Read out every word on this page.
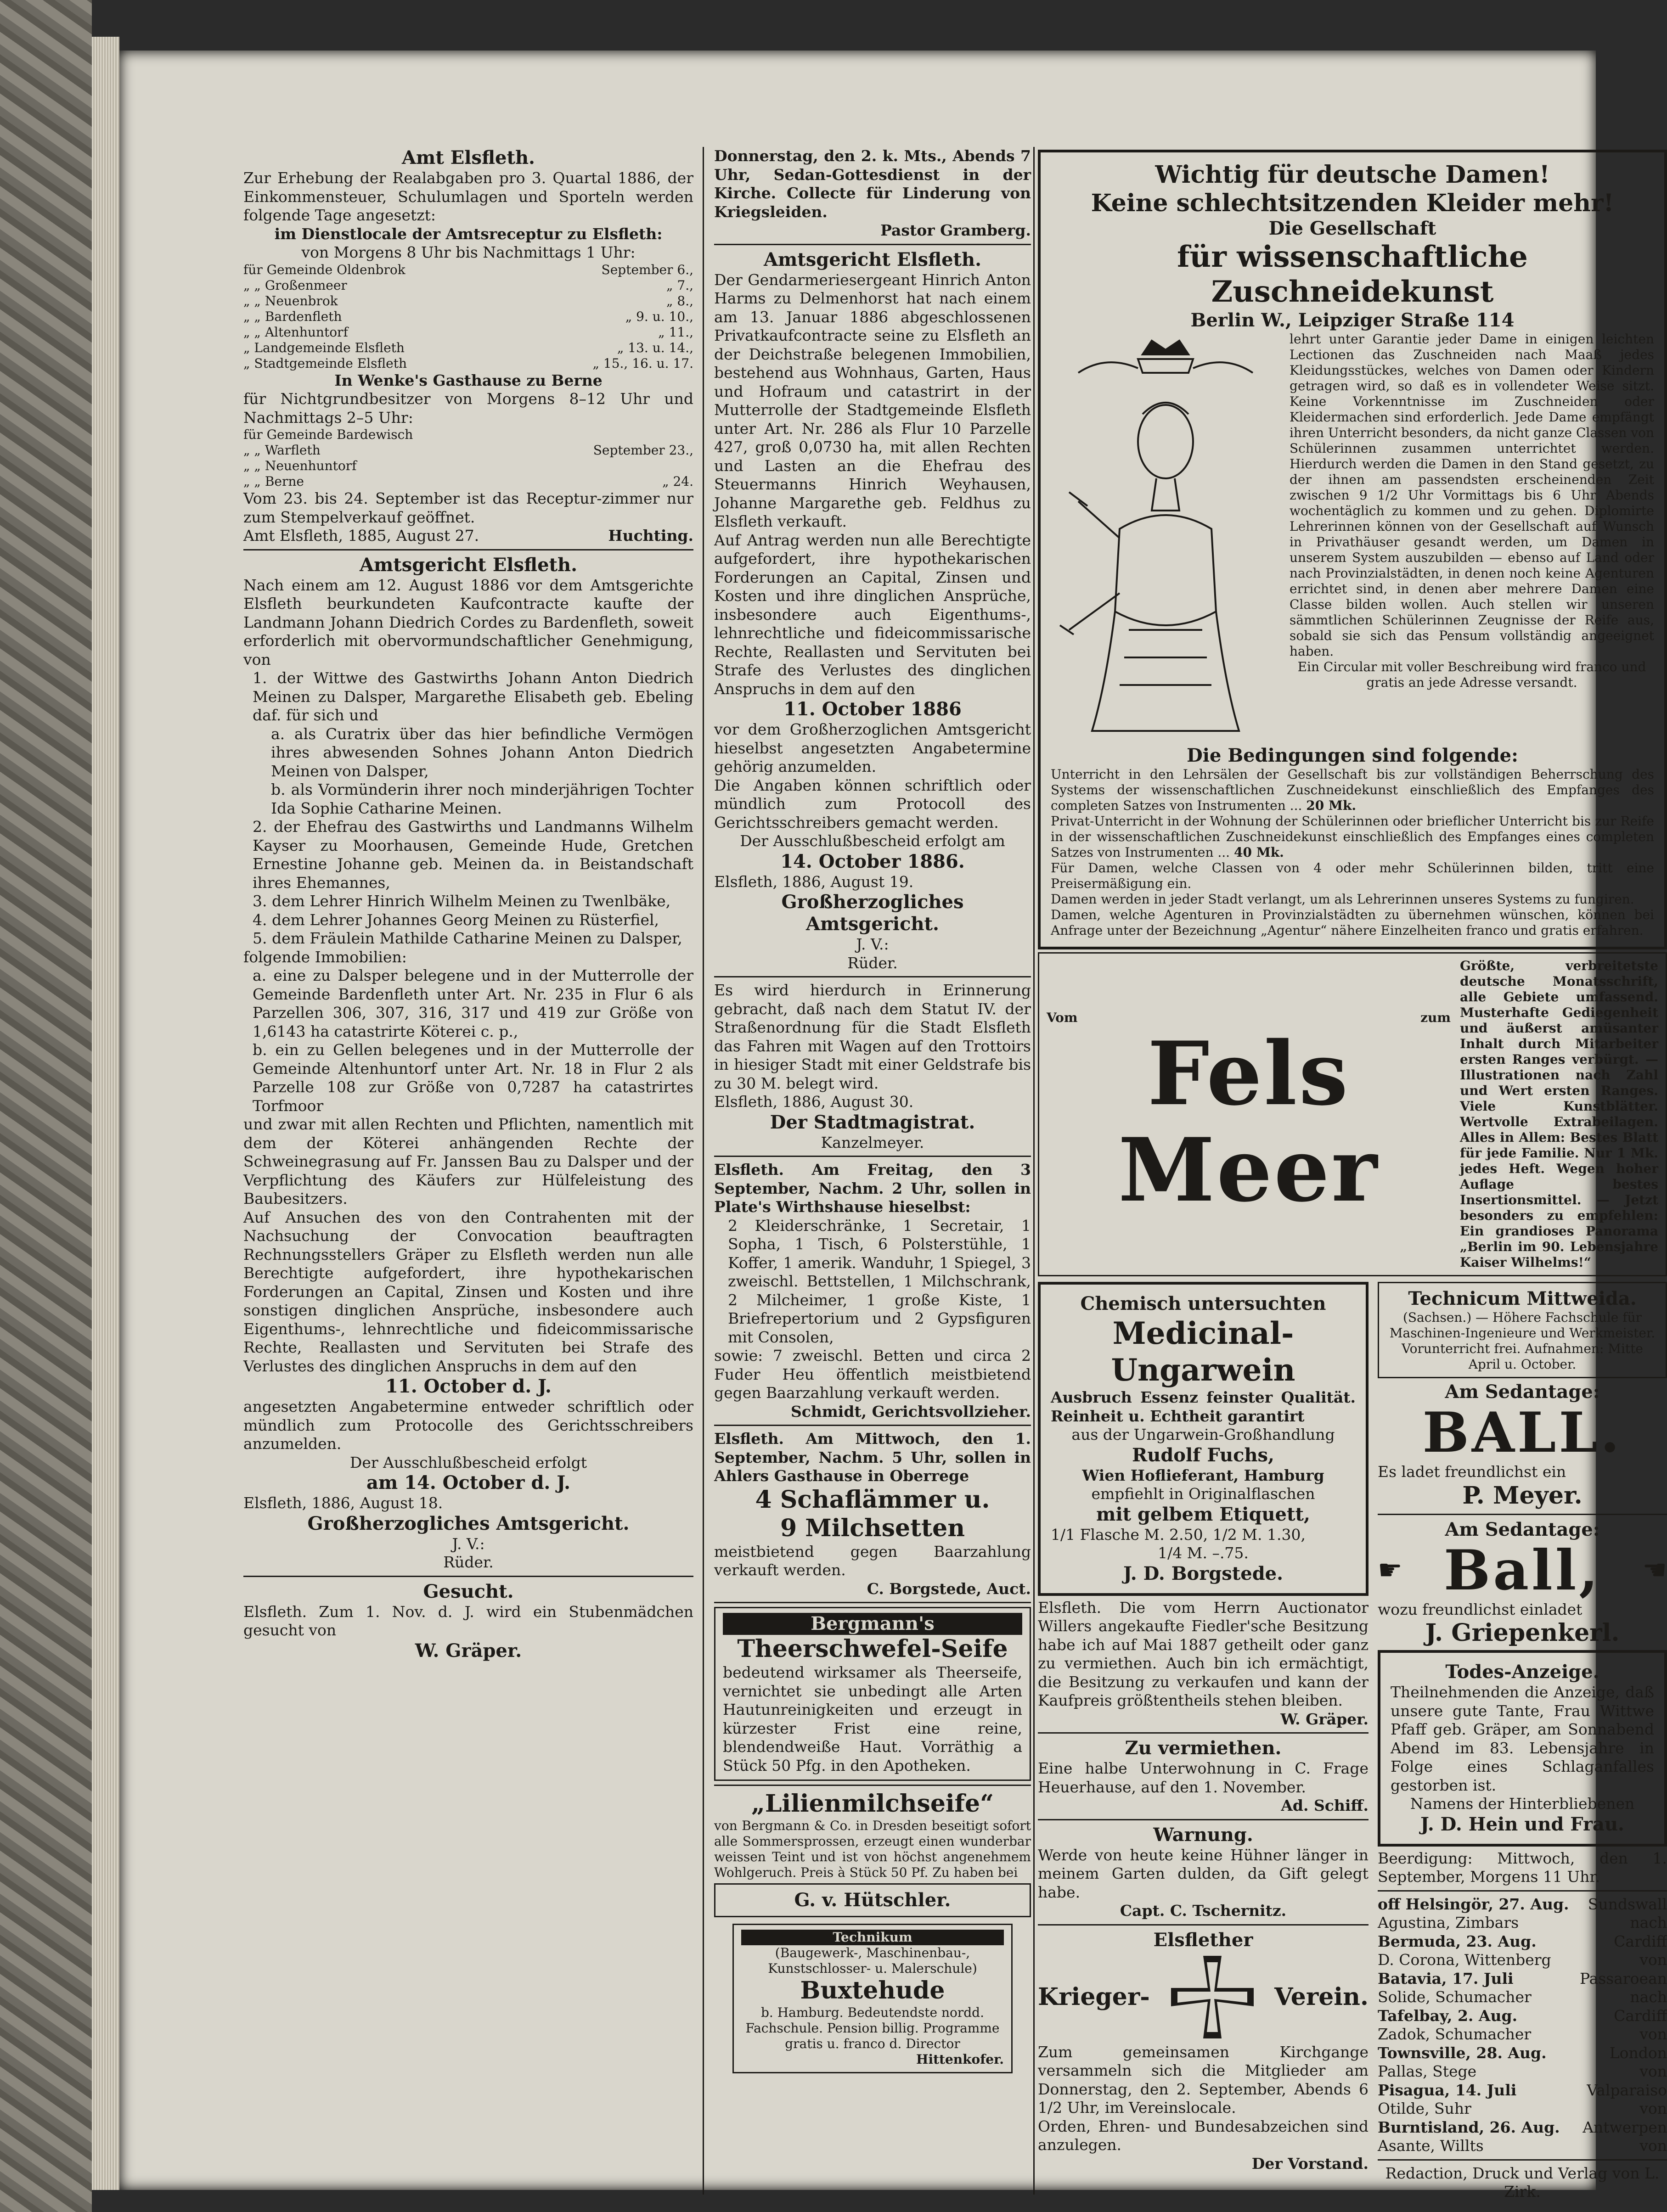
Amt Elsfleth.

Zur Erhebung der Realabgaben pro 3. Quartal 1886, der Einkommensteuer, Schulumlagen und Sporteln werden folgende Tage angesetzt:

im Dienstlocale der Amtsreceptur zu Elsfleth:
von Morgens 8 Uhr bis Nachmittags 1 Uhr:
für Gemeinde Oldenbrok	September 6.,
„ „ Großenmeer	„ 7.,
„ „ Neuenbrok	„ 8.,
„ „ Bardenfleth	„ 9. u. 10.,
„ „ Altenhuntorf	„ 11.,
„ Landgemeinde Elsfleth	„ 13. u. 14.,
„ Stadtgemeinde Elsfleth	„ 15., 16. u. 17.
In Wenke's Gasthause zu Berne

für Nichtgrundbesitzer von Morgens 8–12 Uhr und Nachmittags 2–5 Uhr:

für Gemeinde Bardewisch
„ „ Warfleth	September 23.,
„ „ Neuenhuntorf
„ „ Berne	„ 24.

Vom 23. bis 24. September ist das Receptur-zimmer nur zum Stempelverkauf geöffnet.

Amt Elsfleth, 1885, August 27.	Huchting.
Amtsgericht Elsfleth.

Nach einem am 12. August 1886 vor dem Amtsgerichte Elsfleth beurkundeten Kaufcontracte kaufte der Landmann Johann Diedrich Cordes zu Bardenfleth, soweit erforderlich mit obervormundschaftlicher Genehmigung, von

1. der Wittwe des Gastwirths Johann Anton Diedrich Meinen zu Dalsper, Margarethe Elisabeth geb. Ebeling daf. für sich und

a. als Curatrix über das hier befindliche Vermögen ihres abwesenden Sohnes Johann Anton Diedrich Meinen von Dalsper,

b. als Vormünderin ihrer noch minderjährigen Tochter Ida Sophie Catharine Meinen.

2. der Ehefrau des Gastwirths und Landmanns Wilhelm Kayser zu Moorhausen, Gemeinde Hude, Gretchen Ernestine Johanne geb. Meinen da. in Beistandschaft ihres Ehemannes,

3. dem Lehrer Hinrich Wilhelm Meinen zu Twenlbäke,

4. dem Lehrer Johannes Georg Meinen zu Rüsterfiel,

5. dem Fräulein Mathilde Catharine Meinen zu Dalsper,

folgende Immobilien:

a. eine zu Dalsper belegene und in der Mutterrolle der Gemeinde Bardenfleth unter Art. Nr. 235 in Flur 6 als Parzellen 306, 307, 316, 317 und 419 zur Größe von 1,6143 ha catastrirte Köterei c. p.,

b. ein zu Gellen belegenes und in der Mutterrolle der Gemeinde Altenhuntorf unter Art. Nr. 18 in Flur 2 als Parzelle 108 zur Größe von 0,7287 ha catastrirtes Torfmoor

und zwar mit allen Rechten und Pflichten, namentlich mit dem der Köterei anhängenden Rechte der Schweinegrasung auf Fr. Janssen Bau zu Dalsper und der Verpflichtung des Käufers zur Hülfeleistung des Baubesitzers.

Auf Ansuchen des von den Contrahenten mit der Nachsuchung der Convocation beauftragten Rechnungsstellers Gräper zu Elsfleth werden nun alle Berechtigte aufgefordert, ihre hypothekarischen Forderungen an Capital, Zinsen und Kosten und ihre sonstigen dinglichen Ansprüche, insbesondere auch Eigenthums-, lehnrechtliche und fideicommissarische Rechte, Reallasten und Servituten bei Strafe des Verlustes des dinglichen Anspruchs in dem auf den

11. October d. J.

angesetzten Angabetermine entweder schriftlich oder mündlich zum Protocolle des Gerichtsschreibers anzumelden.

Der Ausschlußbescheid erfolgt
am 14. October d. J.
Elsfleth, 1886, August 18.
Großherzogliches Amtsgericht.
J. V.:
Rüder.
Gesucht.

Elsfleth. Zum 1. Nov. d. J. wird ein Stubenmädchen gesucht von

W. Gräper.

Donnerstag, den 2. k. Mts., Abends 7 Uhr, Sedan-Gottesdienst in der Kirche. Collecte für Linderung von Kriegsleiden.

Pastor Gramberg.
Amtsgericht Elsfleth.

Der Gendarmeriesergeant Hinrich Anton Harms zu Delmenhorst hat nach einem am 13. Januar 1886 abgeschlossenen Privatkaufcontracte seine zu Elsfleth an der Deichstraße belegenen Immobilien, bestehend aus Wohnhaus, Garten, Haus und Hofraum und catastrirt in der Mutterrolle der Stadtgemeinde Elsfleth unter Art. Nr. 286 als Flur 10 Parzelle 427, groß 0,0730 ha, mit allen Rechten und Lasten an die Ehefrau des Steuermanns Hinrich Weyhausen, Johanne Margarethe geb. Feldhus zu Elsfleth verkauft.

Auf Antrag werden nun alle Berechtigte aufgefordert, ihre hypothekarischen Forderungen an Capital, Zinsen und Kosten und ihre dinglichen Ansprüche, insbesondere auch Eigenthums-, lehnrechtliche und fideicommissarische Rechte, Reallasten und Servituten bei Strafe des Verlustes des dinglichen Anspruchs in dem auf den

11. October 1886

vor dem Großherzoglichen Amtsgericht hieselbst angesetzten Angabetermine gehörig anzumelden.

Die Angaben können schriftlich oder mündlich zum Protocoll des Gerichtsschreibers gemacht werden.

Der Ausschlußbescheid erfolgt am
14. October 1886.
Elsfleth, 1886, August 19.
Großherzogliches Amtsgericht.
J. V.:
Rüder.

Es wird hierdurch in Erinnerung gebracht, daß nach dem Statut IV. der Straßenordnung für die Stadt Elsfleth das Fahren mit Wagen auf den Trottoirs in hiesiger Stadt mit einer Geldstrafe bis zu 30 M. belegt wird.

Elsfleth, 1886, August 30.
Der Stadtmagistrat.
Kanzelmeyer.

Elsfleth. Am Freitag, den 3 September, Nachm. 2 Uhr, sollen in Plate's Wirthshause hieselbst:

2 Kleiderschränke, 1 Secretair, 1 Sopha, 1 Tisch, 6 Polsterstühle, 1 Koffer, 1 amerik. Wanduhr, 1 Spiegel, 3 zweischl. Bettstellen, 1 Milchschrank, 2 Milcheimer, 1 große Kiste, 1 Briefrepertorium und 2 Gypsfiguren mit Consolen,

sowie: 7 zweischl. Betten und circa 2 Fuder Heu öffentlich meistbietend gegen Baarzahlung verkauft werden.

Schmidt, Gerichtsvollzieher.

Elsfleth. Am Mittwoch, den 1. September, Nachm. 5 Uhr, sollen in Ahlers Gasthause in Oberrege

4 Schaflämmer u.
9 Milchsetten

meistbietend gegen Baarzahlung verkauft werden.

C. Borgstede, Auct.
Bergmann's
Theerschwefel-Seife

bedeutend wirksamer als Theerseife, vernichtet sie unbedingt alle Arten Hautunreinigkeiten und erzeugt in kürzester Frist eine reine, blendendweiße Haut. Vorräthig a Stück 50 Pfg. in den Apotheken.

„Lilienmilchseife“

von Bergmann & Co. in Dresden beseitigt sofort alle Sommersprossen, erzeugt einen wunderbar weissen Teint und ist von höchst angenehmem Wohlgeruch. Preis à Stück 50 Pf. Zu haben bei

G. v. Hütschler.
Technikum
(Baugewerk-, Maschinenbau-, Kunstschlosser- u. Malerschule)
Buxtehude
b. Hamburg. Bedeutendste nordd. Fachschule. Pension billig. Programme gratis u. franco d. Director
Hittenkofer.
Wichtig für deutsche Damen!
Keine schlechtsitzenden Kleider mehr!
Die Gesellschaft
für wissenschaftliche Zuschneidekunst
Berlin W., Leipziger Straße 114

lehrt unter Garantie jeder Dame in einigen leichten Lectionen das Zuschneiden nach Maaß jedes Kleidungsstückes, welches von Damen oder Kindern getragen wird, so daß es in vollendeter Weise sitzt. Keine Vorkenntnisse im Zuschneiden oder Kleidermachen sind erforderlich. Jede Dame empfängt ihren Unterricht besonders, da nicht ganze Classen von Schülerinnen zusammen unterrichtet werden. Hierdurch werden die Damen in den Stand gesetzt, zu der ihnen am passendsten erscheinenden Zeit zwischen 9 1/2 Uhr Vormittags bis 6 Uhr Abends wochentäglich zu kommen und zu gehen. Diplomirte Lehrerinnen können von der Gesellschaft auf Wunsch in Privathäuser gesandt werden, um Damen in unserem System auszubilden — ebenso auf Land oder nach Provinzialstädten, in denen noch keine Agenturen errichtet sind, in denen aber mehrere Damen eine Classe bilden wollen. Auch stellen wir unseren sämmtlichen Schülerinnen Zeugnisse der Reife aus, sobald sie sich das Pensum vollständig angeeignet haben.

Ein Circular mit voller Beschreibung wird franco und gratis an jede Adresse versandt.

Die Bedingungen sind folgende:

Unterricht in den Lehrsälen der Gesellschaft bis zur vollständigen Beherrschung des Systems der wissenschaftlichen Zuschneidekunst einschließlich des Empfanges des completen Satzes von Instrumenten ... 20 Mk.

Privat-Unterricht in der Wohnung der Schülerinnen oder brieflicher Unterricht bis zur Reife in der wissenschaftlichen Zuschneidekunst einschließlich des Empfanges eines completen Satzes von Instrumenten ... 40 Mk.

Für Damen, welche Classen von 4 oder mehr Schülerinnen bilden, tritt eine Preisermäßigung ein.

Damen werden in jeder Stadt verlangt, um als Lehrerinnen unseres Systems zu fungiren.

Damen, welche Agenturen in Provinzialstädten zu übernehmen wünschen, können bei Anfrage unter der Bezeichnung „Agentur“ nähere Einzelheiten franco und gratis erfahren.

Vom	zum
Fels Meer

Größte, verbreitetste deutsche Monatsschrift, alle Gebiete umfassend. Musterhafte Gediegenheit und äußerst amüsanter Inhalt durch Mitarbeiter ersten Ranges verbürgt. — Illustrationen nach Zahl und Wert ersten Ranges. Viele Kunstblätter. Wertvolle Extrabeilagen. Alles in Allem: Bestes Blatt für jede Familie. Nur 1 Mk. jedes Heft. Wegen hoher Auflage bestes Insertionsmittel. — Jetzt besonders zu empfehlen: Ein grandioses Panorama „Berlin im 90. Lebensjahre Kaiser Wilhelms!“

Chemisch untersuchten
Medicinal-Ungarwein

Ausbruch Essenz feinster Qualität. Reinheit u. Echtheit garantirt

aus der Ungarwein-Großhandlung
Rudolf Fuchs,
Wien Hoflieferant, Hamburg
empfiehlt in Originalflaschen
mit gelbem Etiquett,
1/1 Flasche M. 2.50, 1/2 M. 1.30,
1/4 M. –.75.
J. D. Borgstede.

Elsfleth. Die vom Herrn Auctionator Willers angekaufte Fiedler'sche Besitzung habe ich auf Mai 1887 getheilt oder ganz zu vermiethen. Auch bin ich ermächtigt, die Besitzung zu verkaufen und kann der Kaufpreis größtentheils stehen bleiben.

W. Gräper.
Zu vermiethen.

Eine halbe Unterwohnung in C. Frage Heuerhause, auf den 1. November.

Ad. Schiff.
Warnung.

Werde von heute keine Hühner länger in meinem Garten dulden, da Gift gelegt habe.

Capt. C. Tschernitz.
Elsflether
Krieger-	Verein.

Zum gemeinsamen Kirchgange versammeln sich die Mitglieder am Donnerstag, den 2. September, Abends 6 1/2 Uhr, im Vereinslocale.

Orden, Ehren- und Bundesabzeichen sind anzulegen.

Der Vorstand.
Technicum Mittweida.
(Sachsen.) — Höhere Fachschule für Maschinen-Ingenieure und Werkmeister. Vorunterricht frei. Aufnahmen: Mitte April u. October.
Am Sedantage:
BALL.
Es ladet freundlichst ein
P. Meyer.
Am Sedantage:
☛ Ball, ☚
wozu freundlichst einladet
J. Griepenkerl.
Todes-Anzeige.

Theilnehmenden die Anzeige, daß unsere gute Tante, Frau Wittwe Pfaff geb. Gräper, am Sonnabend Abend im 83. Lebensjahre in Folge eines Schlaganfalles gestorben ist.

Namens der Hinterbliebenen
J. D. Hein und Frau.

Beerdigung: Mittwoch, den 1. September, Morgens 11 Uhr.

off Helsingör, 27. Aug. Sundswall
Agustina, Zimbars	nach
Bermuda, 23. Aug.	Cardiff
D. Corona, Wittenberg	von
Batavia, 17. Juli	Passaroean
Solide, Schumacher	nach
Tafelbay, 2. Aug.	Cardiff
Zadok, Schumacher	von
Townsville, 28. Aug.	London
Pallas, Stege	von
Pisagua, 14. Juli	Valparaiso
Otilde, Suhr	von
Burntisland, 26. Aug. Antwerpen
Asante, Willts	von
Redaction, Druck und Verlag von L. Zirk.
